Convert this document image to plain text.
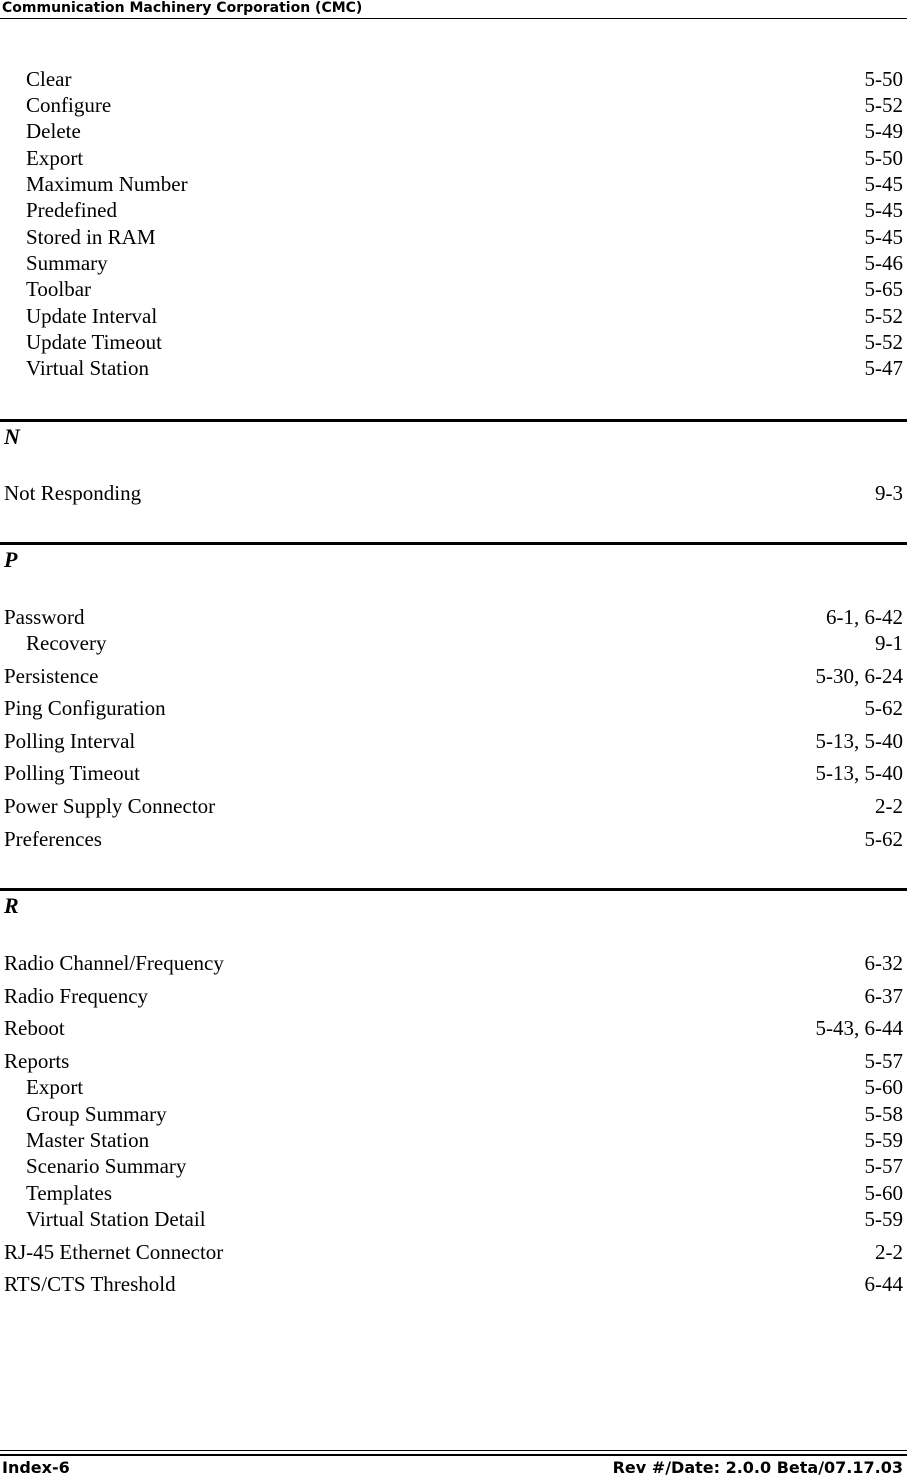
Communication Machinery Corporation (CMC)
Clear	5-50
Configure	5-52
Delete	5-49
Export	5-50
Maximum Number	5-45
Predefined	5-45
Stored in RAM	5-45
Summary	5-46
Toolbar	5-65
Update Interval	5-52
Update Timeout	5-52
Virtual Station	5-47
N
Not Responding	9-3
P
Password	6-1, 6-42
Recovery	9-1
Persistence	5-30, 6-24
Ping Configuration	5-62
Polling Interval	5-13, 5-40
Polling Timeout	5-13, 5-40
Power Supply Connector	2-2
Preferences	5-62
R
Radio Channel/Frequency	6-32
Radio Frequency	6-37
Reboot	5-43, 6-44
Reports	5-57
Export	5-60
Group Summary	5-58
Master Station	5-59
Scenario Summary	5-57
Templates	5-60
Virtual Station Detail	5-59
RJ-45 Ethernet Connector	2-2
RTS/CTS Threshold	6-44
Index-6	Rev #/Date: 2.0.0 Beta/07.17.03
